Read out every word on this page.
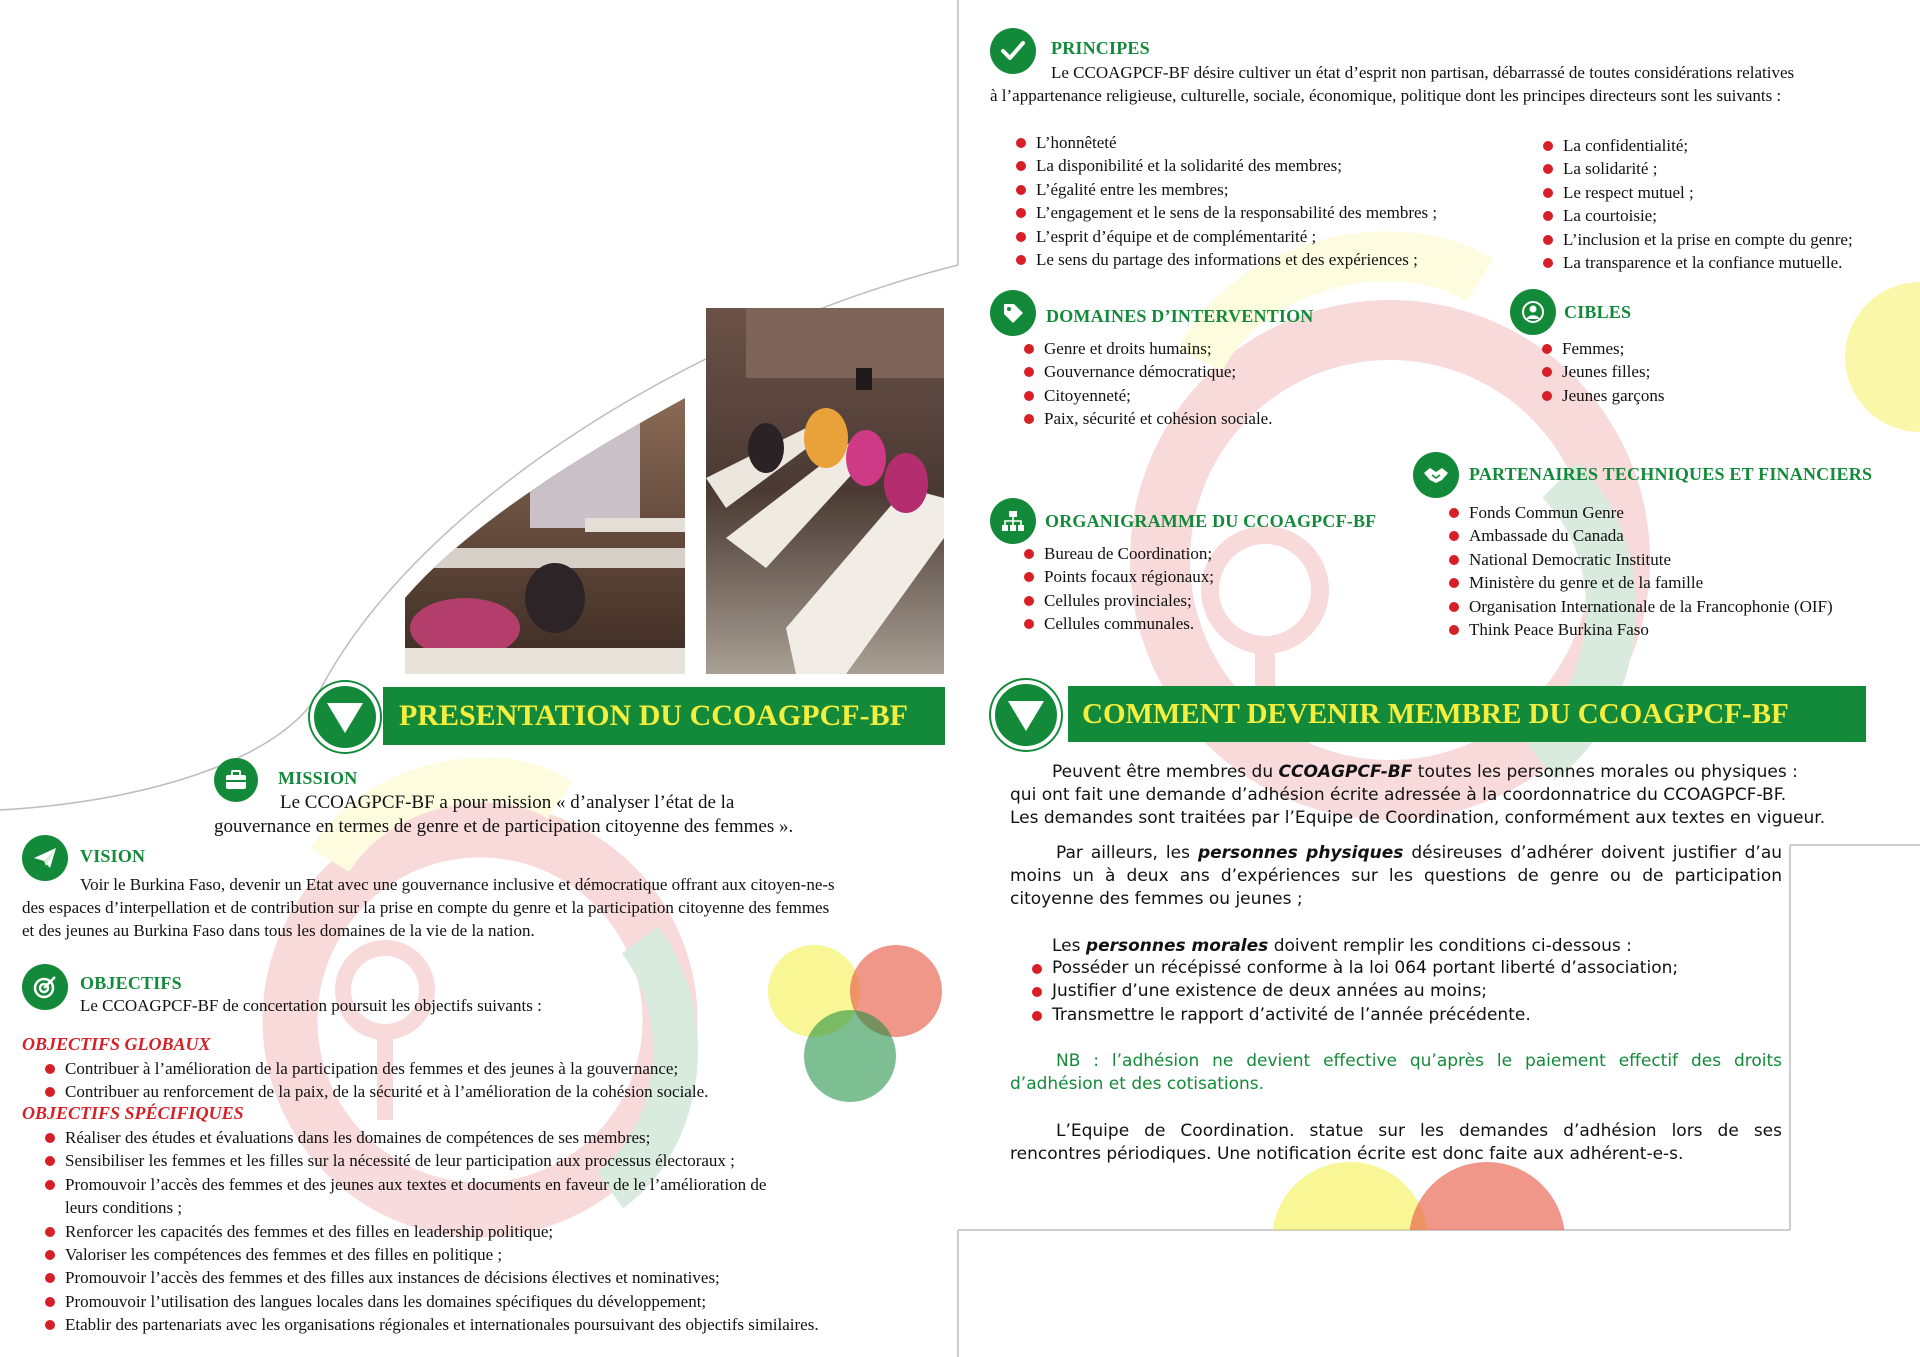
PRESENTATION DU CCOAGPCF-BF
MISSION
Le CCOAGPCF-BF a pour mission « d’analyser l’état de la
gouvernance en termes de genre et de participation citoyenne des femmes ».
VISION
Voir le Burkina Faso, devenir un Etat avec une gouvernance inclusive et démocratique offrant aux citoyen-ne-s
des espaces d’interpellation et de contribution sur la prise en compte du genre et la participation citoyenne des femmes
et des jeunes au Burkina Faso dans tous les domaines de la vie de la nation.
OBJECTIFS
Le CCOAGPCF-BF de concertation poursuit les objectifs suivants :
OBJECTIFS GLOBAUX
Contribuer à l’amélioration de la participation des femmes et des jeunes à la gouvernance;
Contribuer au renforcement de la paix, de la sécurité et à l’amélioration de la cohésion sociale.
OBJECTIFS SPÉCIFIQUES
Réaliser des études et évaluations dans les domaines de compétences de ses membres;
Sensibiliser les femmes et les filles sur la nécessité de leur participation aux processus électoraux ;
Promouvoir l’accès des femmes et des jeunes aux textes et documents en faveur de le l’amélioration de
leurs conditions ;
Renforcer les capacités des femmes et des filles en leadership politique;
Valoriser les compétences des femmes et des filles en politique ;
Promouvoir l’accès des femmes et des filles aux instances de décisions électives et nominatives;
Promouvoir l’utilisation des langues locales dans les domaines spécifiques du développement;
Etablir des partenariats avec les organisations régionales et internationales poursuivant des objectifs similaires.
PRINCIPES
Le CCOAGPCF-BF désire cultiver un état d’esprit non partisan, débarrassé de toutes considérations relatives
à l’appartenance religieuse, culturelle, sociale, économique, politique dont les principes directeurs sont les suivants :
L’honnêteté
La disponibilité et la solidarité des membres;
L’égalité entre les membres;
L’engagement et le sens de la responsabilité des membres ;
L’esprit d’équipe et de complémentarité ;
Le sens du partage des informations et des expériences ;
La confidentialité;
La solidarité ;
Le respect mutuel ;
La courtoisie;
L’inclusion et la prise en compte du genre;
La transparence et la confiance mutuelle.
DOMAINES D’INTERVENTION
Genre et droits humains;
Gouvernance démocratique;
Citoyenneté;
Paix, sécurité et cohésion sociale.
CIBLES
Femmes;
Jeunes filles;
Jeunes garçons
PARTENAIRES TECHNIQUES ET FINANCIERS
Fonds Commun Genre
Ambassade du Canada
National Democratic Institute
Ministère du genre et de la famille
Organisation Internationale de la Francophonie (OIF)
Think Peace Burkina Faso
ORGANIGRAMME DU CCOAGPCF-BF
Bureau de Coordination;
Points focaux régionaux;
Cellules provinciales;
Cellules communales.
COMMENT DEVENIR MEMBRE DU CCOAGPCF-BF
Peuvent être membres du CCOAGPCF-BF toutes les personnes morales ou physiques :
qui ont fait une demande d’adhésion écrite adressée à la coordonnatrice du CCOAGPCF-BF.
Les demandes sont traitées par l’Equipe de Coordination, conformément aux textes en vigueur.
Par ailleurs, les personnes physiques désireuses d’adhérer doivent justifier d’au moins un à deux ans d’expériences sur les questions de genre ou de participation citoyenne des femmes ou jeunes ;
Les personnes morales doivent remplir les conditions ci-dessous :
Posséder un récépissé conforme à la loi 064 portant liberté d’association;
Justifier d’une existence de deux années au moins;
Transmettre le rapport d’activité de l’année précédente.
NB : l’adhésion ne devient effective qu’après le paiement effectif des droits d’adhésion et des cotisations.
L’Equipe de Coordination. statue sur les demandes d’adhésion lors de ses rencontres périodiques. Une notification écrite est donc faite aux adhérent-e-s.
